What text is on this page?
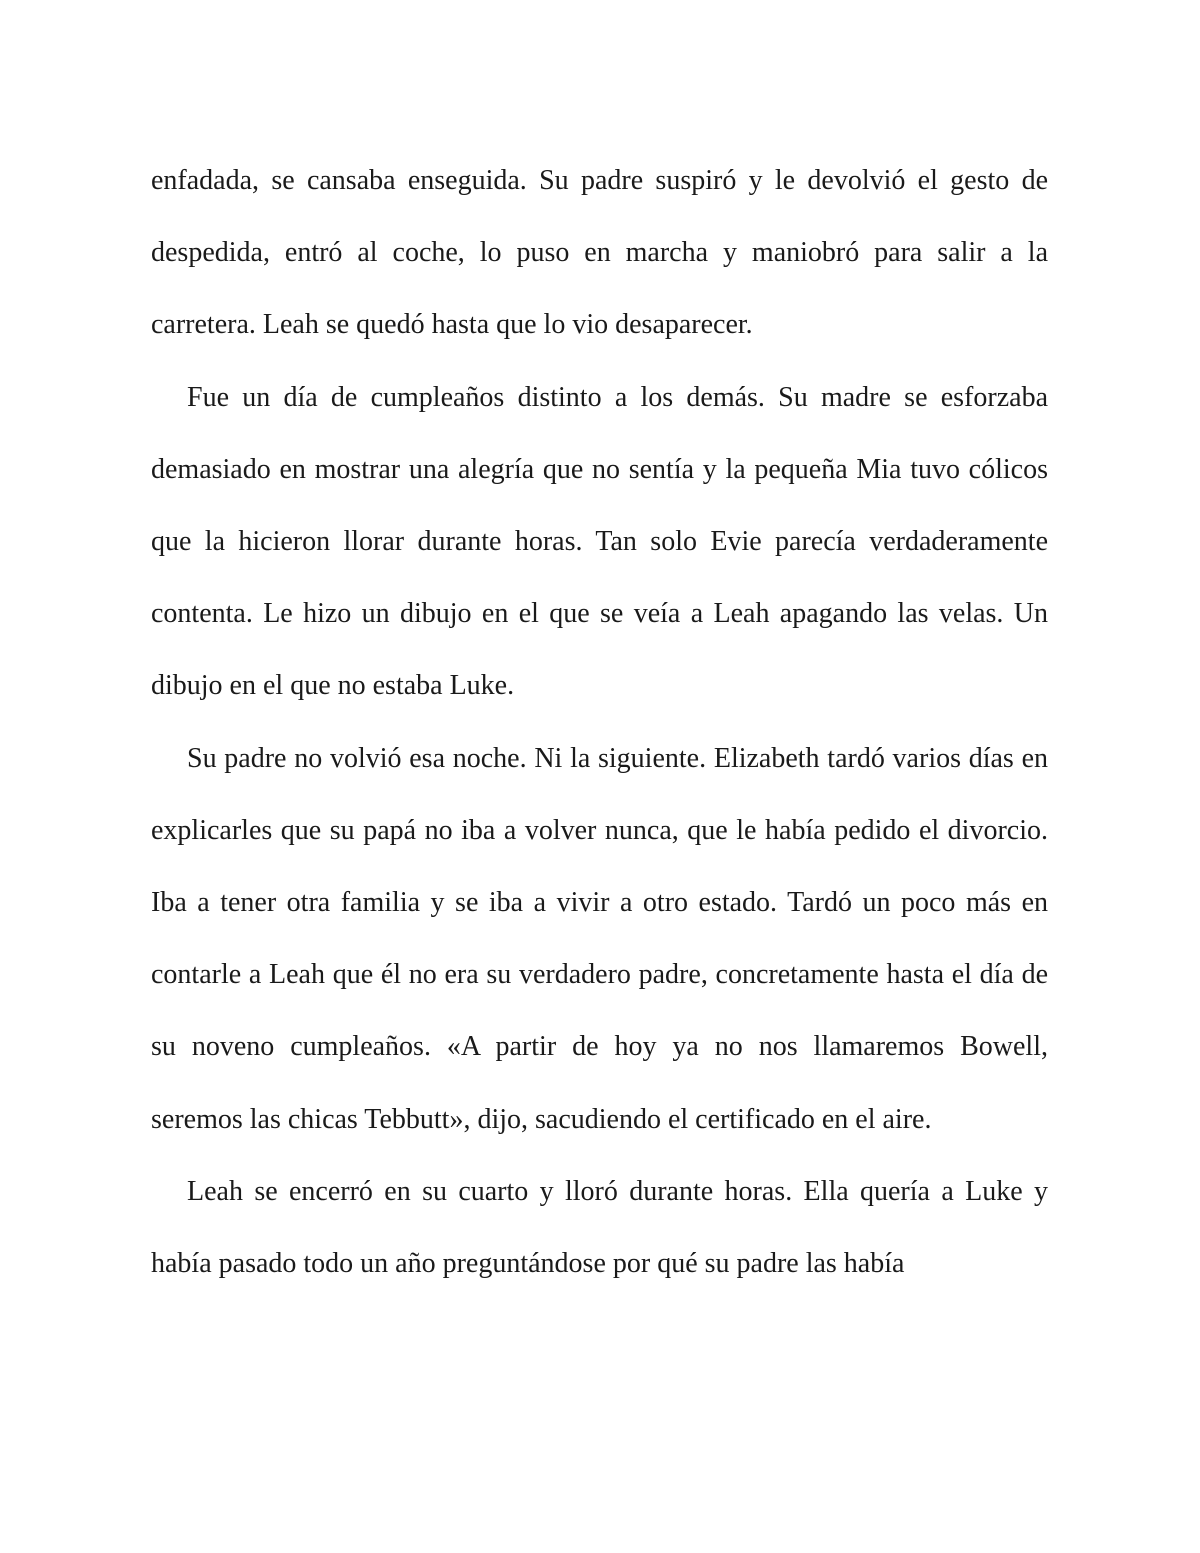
enfadada, se cansaba enseguida. Su padre suspiró y le devolvió el gesto de despedida, entró al coche, lo puso en marcha y maniobró para salir a la carretera. Leah se quedó hasta que lo vio desaparecer.

Fue un día de cumpleaños distinto a los demás. Su madre se esforzaba demasiado en mostrar una alegría que no sentía y la pequeña Mia tuvo cólicos que la hicieron llorar durante horas. Tan solo Evie parecía verdaderamente contenta. Le hizo un dibujo en el que se veía a Leah apagando las velas. Un dibujo en el que no estaba Luke.

Su padre no volvió esa noche. Ni la siguiente. Elizabeth tardó varios días en explicarles que su papá no iba a volver nunca, que le había pedido el divorcio. Iba a tener otra familia y se iba a vivir a otro estado. Tardó un poco más en contarle a Leah que él no era su verdadero padre, concretamente hasta el día de su noveno cumpleaños. «A partir de hoy ya no nos llamaremos Bowell, seremos las chicas Tebbutt», dijo, sacudiendo el certificado en el aire.

Leah se encerró en su cuarto y lloró durante horas. Ella quería a Luke y había pasado todo un año preguntándose por qué su padre las había
